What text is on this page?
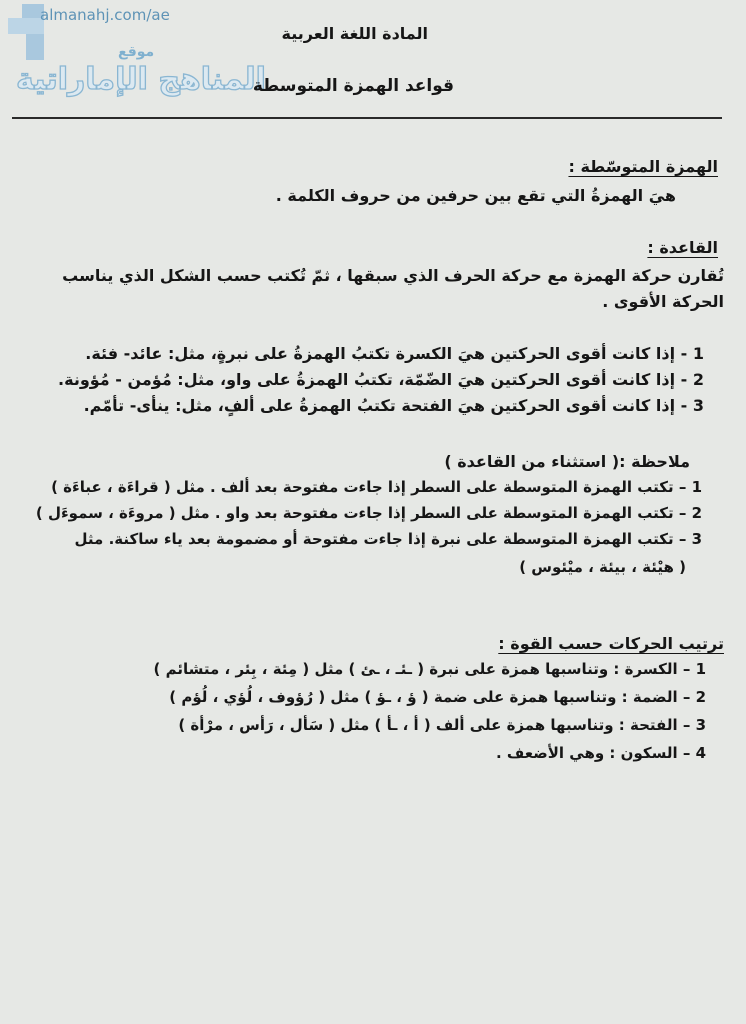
almanahj.com/ae
موقع
المناهج الإماراتية
المادة اللغة العربية
قواعد الهمزة المتوسطة
الهمزة المتوسّطة :
هيَ الهمزةُ التي تقع بين حرفين من حروف الكلمة .
القاعدة :
تُقارن حركة الهمزة مع حركة الحرف الذي سبقها ، ثمّ تُكتب حسب الشكل الذي يناسب
الحركة الأقوى .
1 - إذا كانت أقوى الحركتين هيَ الكسرة تكتبُ الهمزةُ على نبرةٍ، مثل: عائد- فئة.
2 - إذا كانت أقوى الحركتين هيَ الضّمّة، تكتبُ الهمزةُ على واو، مثل: مُؤمن - مُؤونة.
3 - إذا كانت أقوى الحركتين هيَ الفتحة تكتبُ الهمزةُ على ألفٍ، مثل: ينأى- تأمّم.
ملاحظة :( استثناء من القاعدة )
1 – تكتب الهمزة المتوسطة على السطر إذا جاءت مفتوحة بعد ألف . مثل ( قراءَة ، عباءَة )
2 – تكتب الهمزة المتوسطة على السطر إذا جاءت مفتوحة بعد واو . مثل ( مروءَة ، سموءَل )
3 – تكتب الهمزة المتوسطة على نبرة إذا جاءت مفتوحة أو مضمومة بعد ياء ساكنة. مثل
( هيْئة ، بيئة ، ميْئوس )
ترتيب الحركات حسب القوة :
1 – الكسرة : وتناسبها همزة على نبرة ( ـئـ ، ـئ ) مثل ( مِئة ، بِئر ، متشائم )
2 – الضمة : وتناسبها همزة على ضمة ( ؤ ، ـؤ ) مثل ( رُؤوف ، لُؤي ، لُؤم )
3 – الفتحة : وتناسبها همزة على ألف ( أ ، ـأ ) مثل ( سَأل ، رَأس ، مرْأة )
4 – السكون : وهي الأضعف .
